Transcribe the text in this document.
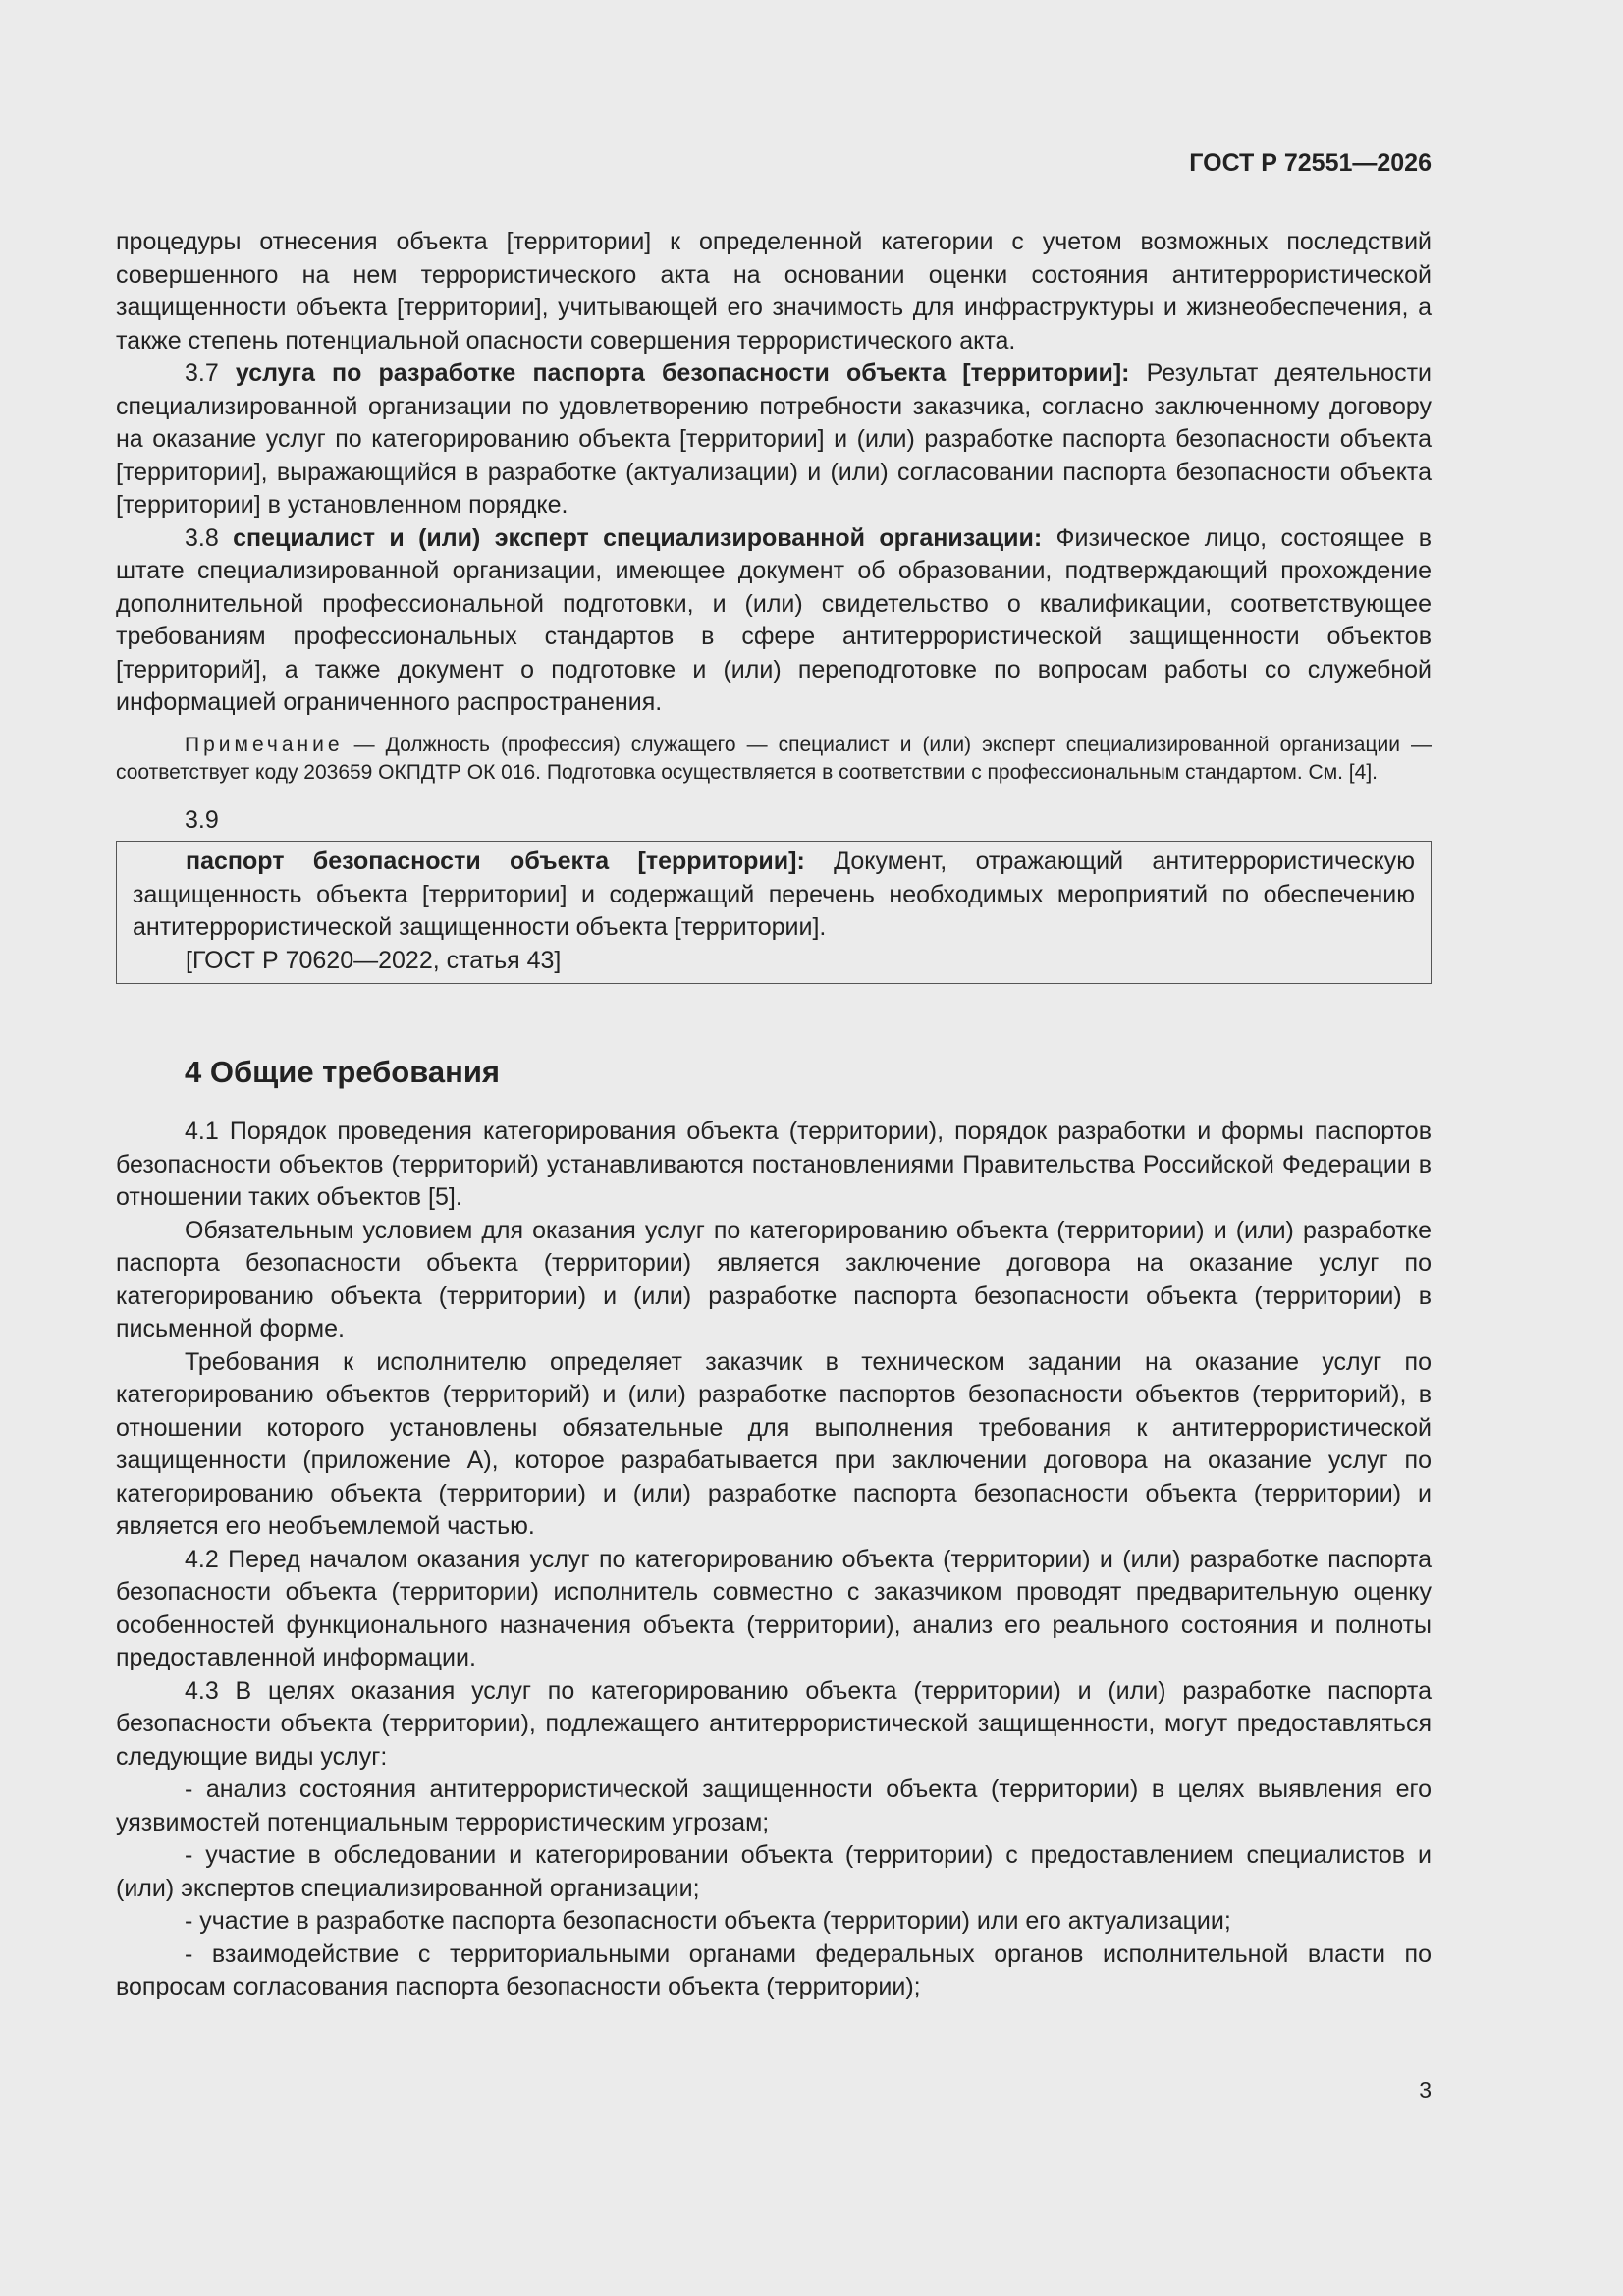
ГОСТ Р 72551—2026

процедуры отнесения объекта [территории] к определенной категории с учетом возможных последствий совершенного на нем террористического акта на основании оценки состояния антитеррористической защищенности объекта [территории], учитывающей его значимость для инфраструктуры и жизнеобеспечения, а также степень потенциальной опасности совершения террористического акта.

3.7 услуга по разработке паспорта безопасности объекта [территории]: Результат деятельности специализированной организации по удовлетворению потребности заказчика, согласно заключенному договору на оказание услуг по категорированию объекта [территории] и (или) разработке паспорта безопасности объекта [территории], выражающийся в разработке (актуализации) и (или) согласовании паспорта безопасности объекта [территории] в установленном порядке.

3.8 специалист и (или) эксперт специализированной организации: Физическое лицо, состоящее в штате специализированной организации, имеющее документ об образовании, подтверждающий прохождение дополнительной профессиональной подготовки, и (или) свидетельство о квалификации, соответствующее требованиям профессиональных стандартов в сфере антитеррористической защищенности объектов [территорий], а также документ о подготовке и (или) переподготовке по вопросам работы со служебной информацией ограниченного распространения.

Примечание — Должность (профессия) служащего — специалист и (или) эксперт специализированной организации — соответствует коду 203659 ОКПДТР ОК 016. Подготовка осуществляется в соответствии с профессиональным стандартом. См. [4].

3.9

паспорт безопасности объекта [территории]: Документ, отражающий антитеррористическую защищенность объекта [территории] и содержащий перечень необходимых мероприятий по обеспечению антитеррористической защищенности объекта [территории].

[ГОСТ Р 70620—2022, статья 43]

4 Общие требования

4.1 Порядок проведения категорирования объекта (территории), порядок разработки и формы паспортов безопасности объектов (территорий) устанавливаются постановлениями Правительства Российской Федерации в отношении таких объектов [5].

Обязательным условием для оказания услуг по категорированию объекта (территории) и (или) разработке паспорта безопасности объекта (территории) является заключение договора на оказание услуг по категорированию объекта (территории) и (или) разработке паспорта безопасности объекта (территории) в письменной форме.

Требования к исполнителю определяет заказчик в техническом задании на оказание услуг по категорированию объектов (территорий) и (или) разработке паспортов безопасности объектов (территорий), в отношении которого установлены обязательные для выполнения требования к антитеррористической защищенности (приложение А), которое разрабатывается при заключении договора на оказание услуг по категорированию объекта (территории) и (или) разработке паспорта безопасности объекта (территории) и является его необъемлемой частью.

4.2 Перед началом оказания услуг по категорированию объекта (территории) и (или) разработке паспорта безопасности объекта (территории) исполнитель совместно с заказчиком проводят предварительную оценку особенностей функционального назначения объекта (территории), анализ его реального состояния и полноты предоставленной информации.

4.3 В целях оказания услуг по категорированию объекта (территории) и (или) разработке паспорта безопасности объекта (территории), подлежащего антитеррористической защищенности, могут предоставляться следующие виды услуг:

- анализ состояния антитеррористической защищенности объекта (территории) в целях выявления его уязвимостей потенциальным террористическим угрозам;

- участие в обследовании и категорировании объекта (территории) с предоставлением специалистов и (или) экспертов специализированной организации;

- участие в разработке паспорта безопасности объекта (территории) или его актуализации;

- взаимодействие с территориальными органами федеральных органов исполнительной власти по вопросам согласования паспорта безопасности объекта (территории);

3
